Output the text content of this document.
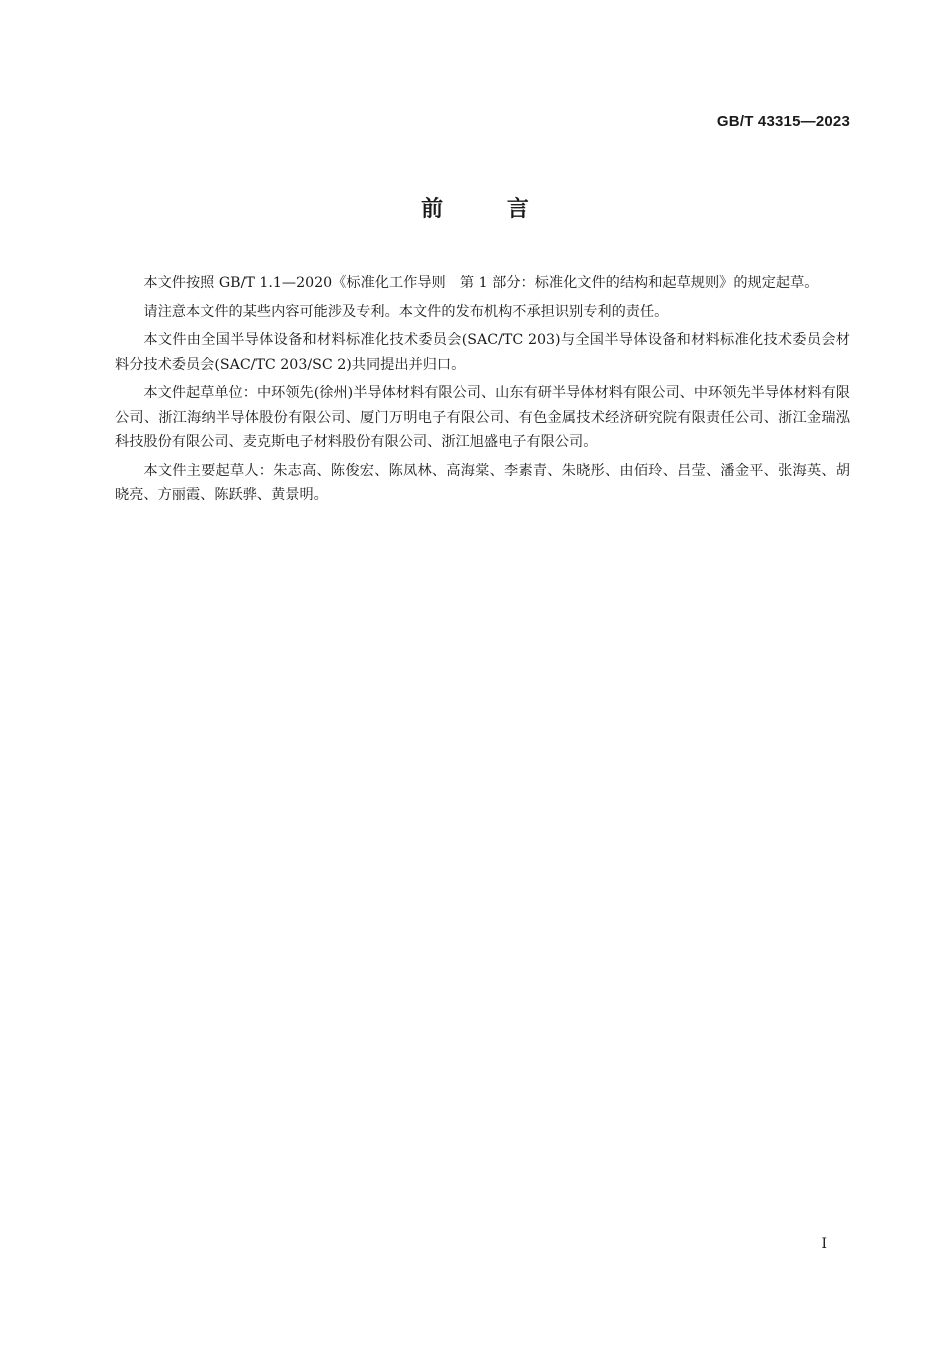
GB/T 43315—2023
前 言

本文件按照 GB/T 1.1—2020《标准化工作导则　第 1 部分：标准化文件的结构和起草规则》的规定起草。

请注意本文件的某些内容可能涉及专利。本文件的发布机构不承担识别专利的责任。

本文件由全国半导体设备和材料标准化技术委员会(SAC/TC 203)与全国半导体设备和材料标准化技术委员会材料分技术委员会(SAC/TC 203/SC 2)共同提出并归口。

本文件起草单位：中环领先(徐州)半导体材料有限公司、山东有研半导体材料有限公司、中环领先半导体材料有限公司、浙江海纳半导体股份有限公司、厦门万明电子有限公司、有色金属技术经济研究院有限责任公司、浙江金瑞泓科技股份有限公司、麦克斯电子材料股份有限公司、浙江旭盛电子有限公司。

本文件主要起草人：朱志高、陈俊宏、陈凤林、高海棠、李素青、朱晓彤、由佰玲、吕莹、潘金平、张海英、胡晓亮、方丽霞、陈跃骅、黄景明。

I
